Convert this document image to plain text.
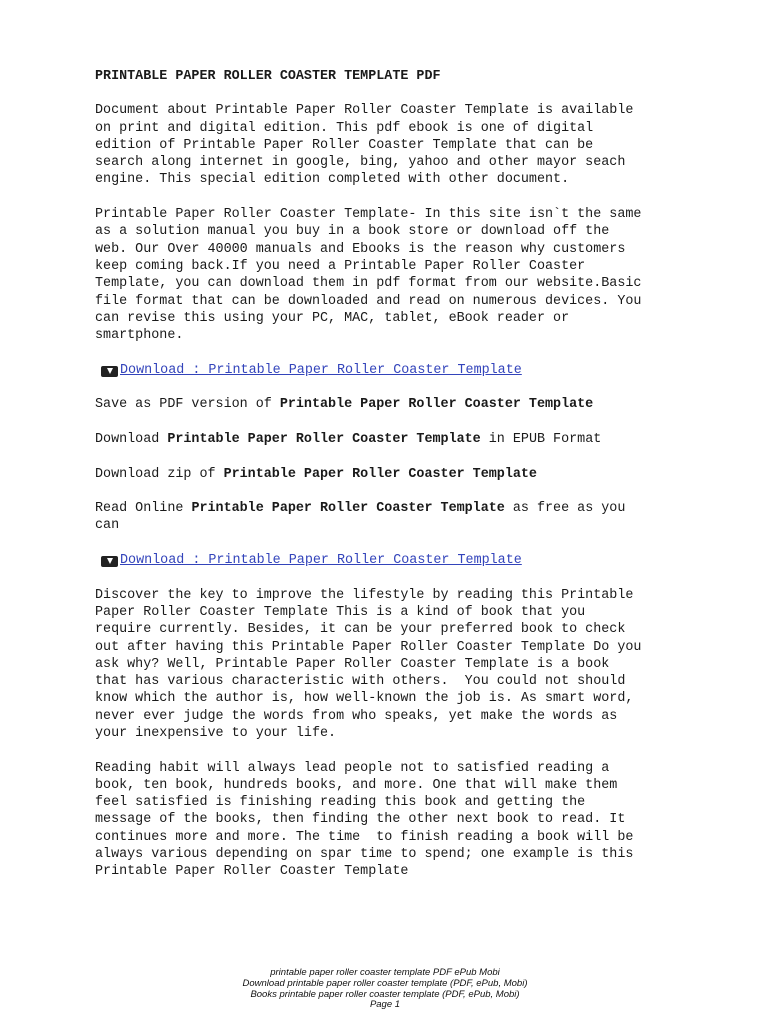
PRINTABLE PAPER ROLLER COASTER TEMPLATE PDF
Document about Printable Paper Roller Coaster Template is available
on print and digital edition. This pdf ebook is one of digital
edition of Printable Paper Roller Coaster Template that can be
search along internet in google, bing, yahoo and other mayor seach
engine. This special edition completed with other document.
Printable Paper Roller Coaster Template- In this site isn`t the same
as a solution manual you buy in a book store or download off the
web. Our Over 40000 manuals and Ebooks is the reason why customers
keep coming back.If you need a Printable Paper Roller Coaster
Template, you can download them in pdf format from our website.Basic
file format that can be downloaded and read on numerous devices. You
can revise this using your PC, MAC, tablet, eBook reader or
smartphone.
Download : Printable Paper Roller Coaster Template
Save as PDF version of Printable Paper Roller Coaster Template
Download Printable Paper Roller Coaster Template in EPUB Format
Download zip of Printable Paper Roller Coaster Template
Read Online Printable Paper Roller Coaster Template as free as you
can
Download : Printable Paper Roller Coaster Template
Discover the key to improve the lifestyle by reading this Printable
Paper Roller Coaster Template This is a kind of book that you
require currently. Besides, it can be your preferred book to check
out after having this Printable Paper Roller Coaster Template Do you
ask why? Well, Printable Paper Roller Coaster Template is a book
that has various characteristic with others.  You could not should
know which the author is, how well-known the job is. As smart word,
never ever judge the words from who speaks, yet make the words as
your inexpensive to your life.
Reading habit will always lead people not to satisfied reading a
book, ten book, hundreds books, and more. One that will make them
feel satisfied is finishing reading this book and getting the
message of the books, then finding the other next book to read. It
continues more and more. The time  to finish reading a book will be
always various depending on spar time to spend; one example is this
Printable Paper Roller Coaster Template
printable paper roller coaster template PDF ePub Mobi
Download printable paper roller coaster template (PDF, ePub, Mobi)
Books printable paper roller coaster template (PDF, ePub, Mobi)
Page 1
